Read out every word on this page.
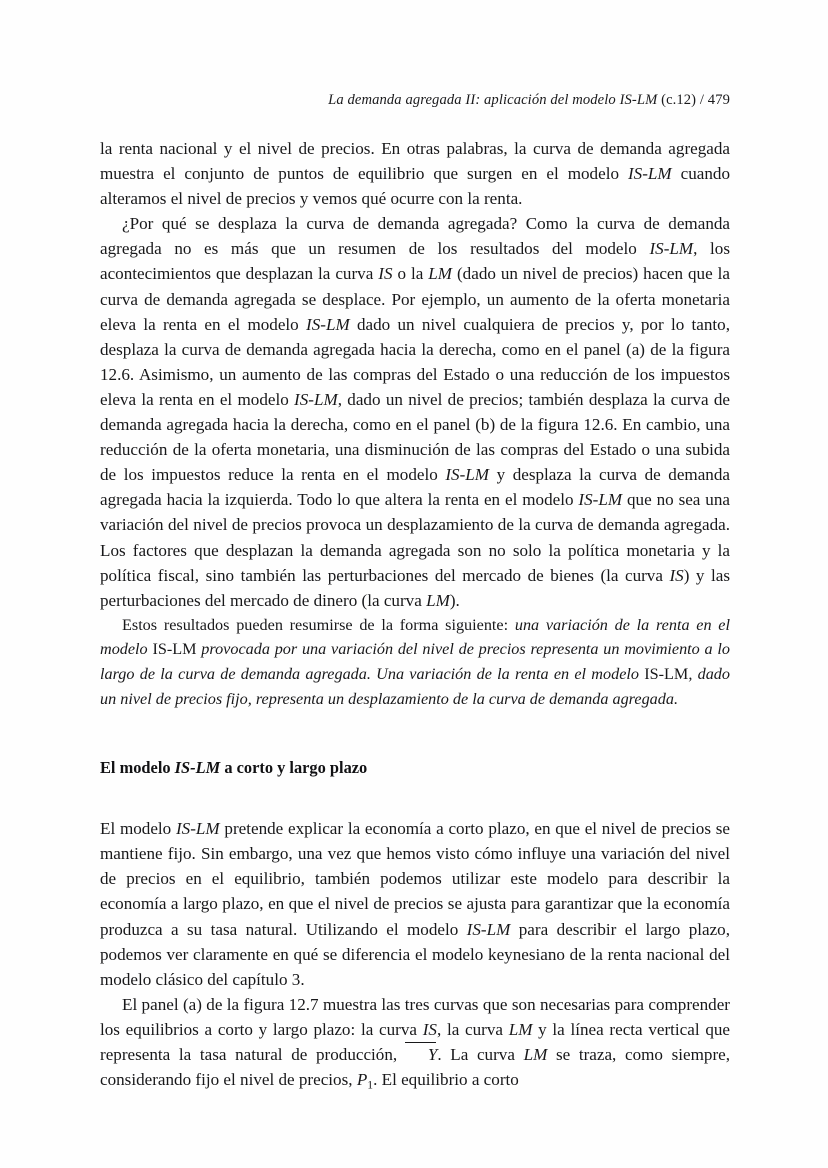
La demanda agregada II: aplicación del modelo IS-LM (c.12) / 479

la renta nacional y el nivel de precios. En otras palabras, la curva de demanda agregada muestra el conjunto de puntos de equilibrio que surgen en el modelo IS-LM cuando alteramos el nivel de precios y vemos qué ocurre con la renta.

¿Por qué se desplaza la curva de demanda agregada? Como la curva de demanda agregada no es más que un resumen de los resultados del modelo IS-LM, los acontecimientos que desplazan la curva IS o la LM (dado un nivel de precios) hacen que la curva de demanda agregada se desplace. Por ejemplo, un aumento de la oferta monetaria eleva la renta en el modelo IS-LM dado un nivel cualquiera de precios y, por lo tanto, desplaza la curva de demanda agregada hacia la derecha, como en el panel (a) de la figura 12.6. Asimismo, un aumento de las compras del Estado o una reducción de los impuestos eleva la renta en el modelo IS-LM, dado un nivel de precios; también desplaza la curva de demanda agregada hacia la derecha, como en el panel (b) de la figura 12.6. En cambio, una reducción de la oferta monetaria, una disminución de las compras del Estado o una subida de los impuestos reduce la renta en el modelo IS-LM y desplaza la curva de demanda agregada hacia la izquierda. Todo lo que altera la renta en el modelo IS-LM que no sea una variación del nivel de precios provoca un desplazamiento de la curva de demanda agregada. Los factores que desplazan la demanda agregada son no solo la política monetaria y la política fiscal, sino también las perturbaciones del mercado de bienes (la curva IS) y las perturbaciones del mercado de dinero (la curva LM).

Estos resultados pueden resumirse de la forma siguiente: una variación de la renta en el modelo IS-LM provocada por una variación del nivel de precios representa un movimiento a lo largo de la curva de demanda agregada. Una variación de la renta en el modelo IS-LM, dado un nivel de precios fijo, representa un desplazamiento de la curva de demanda agregada.

El modelo IS-LM a corto y largo plazo

El modelo IS-LM pretende explicar la economía a corto plazo, en que el nivel de precios se mantiene fijo. Sin embargo, una vez que hemos visto cómo influye una variación del nivel de precios en el equilibrio, también podemos utilizar este modelo para describir la economía a largo plazo, en que el nivel de precios se ajusta para garantizar que la economía produzca a su tasa natural. Utilizando el modelo IS-LM para describir el largo plazo, podemos ver claramente en qué se diferencia el modelo keynesiano de la renta nacional del modelo clásico del capítulo 3.

El panel (a) de la figura 12.7 muestra las tres curvas que son necesarias para comprender los equilibrios a corto y largo plazo: la curva IS, la curva LM y la línea recta vertical que representa la tasa natural de producción, Y. La curva LM se traza, como siempre, considerando fijo el nivel de precios, $P_1$. El equilibrio a corto
